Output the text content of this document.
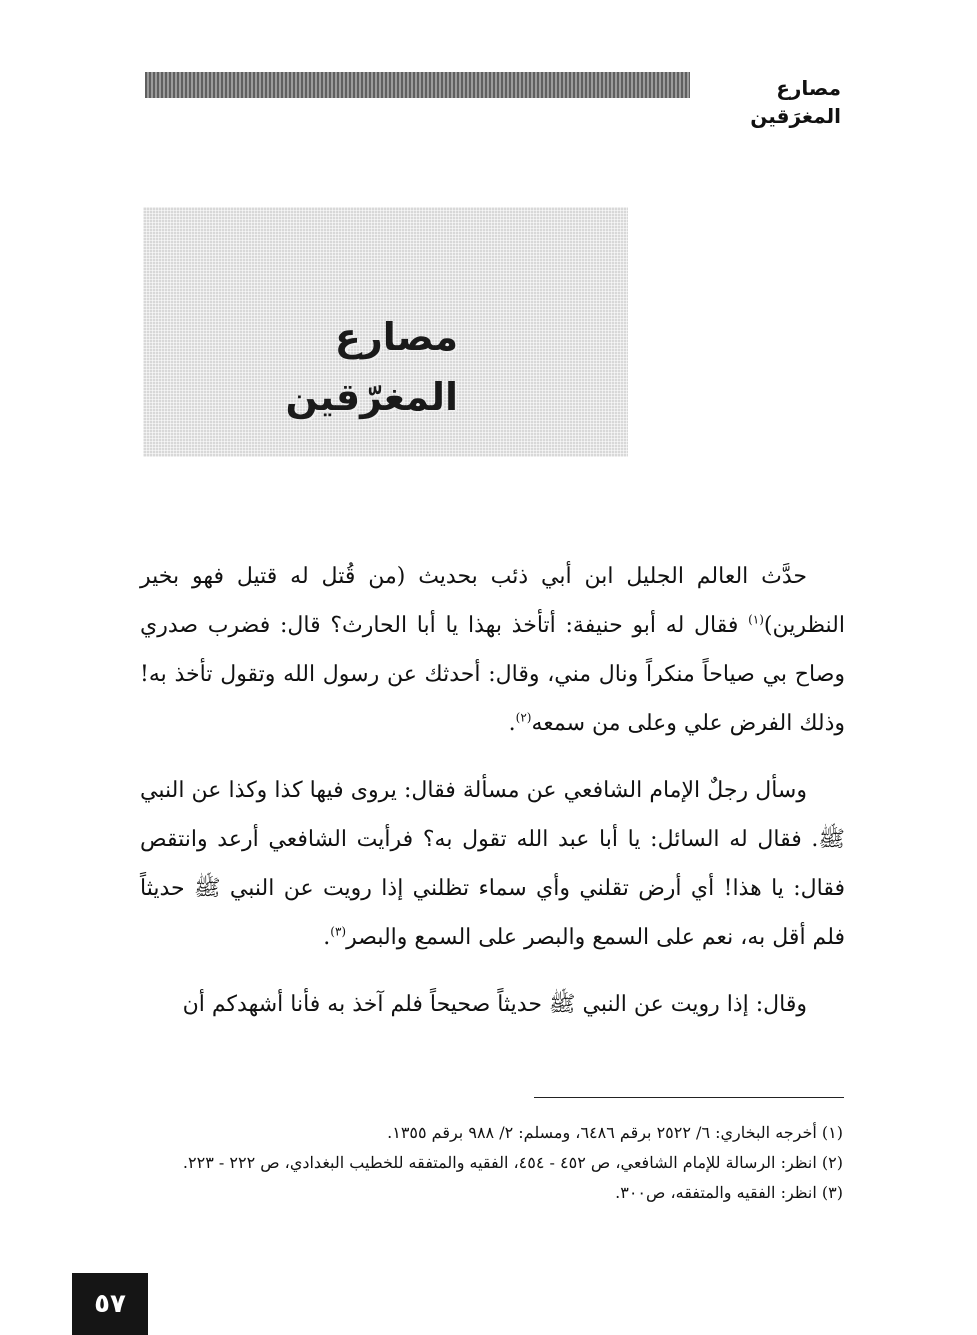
مصارع المغرَقين
مصارع المغرّقين

حدَّث العالم الجليل ابن أبي ذئب بحديث (من قُتل له قتيل فهو بخير النظرين)$^{(١)}$ فقال له أبو حنيفة: أتأخذ بهذا يا أبا الحارث؟ قال: فضرب صدري وصاح بي صياحاً منكراً ونال مني، وقال: أحدثك عن رسول الله وتقول تأخذ به! وذلك الفرض علي وعلى من سمعه$^{(٢)}$.

وسأل رجلٌ الإمام الشافعي عن مسألة فقال: يروى فيها كذا وكذا عن النبي ﷺ. فقال له السائل: يا أبا عبد الله تقول به؟ فرأيت الشافعي أرعد وانتقص فقال: يا هذا! أي أرض تقلني وأي سماء تظلني إذا رويت عن النبي ﷺ حديثاً فلم أقل به، نعم على السمع والبصر على السمع والبصر$^{(٣)}$.

وقال: إذا رويت عن النبي ﷺ حديثاً صحيحاً فلم آخذ به فأنا أشهدكم أن

(١) أخرجه البخاري: ٦/ ٢٥٢٢ برقم ٦٤٨٦، ومسلم: ٢/ ٩٨٨ برقم ١٣٥٥.
(٢) انظر: الرسالة للإمام الشافعي، ص ٤٥٢ - ٤٥٤، الفقيه والمتفقه للخطيب البغدادي، ص ٢٢٢ - ٢٢٣.
(٣) انظر: الفقيه والمتفقه، ص٣٠٠.
٥٧
